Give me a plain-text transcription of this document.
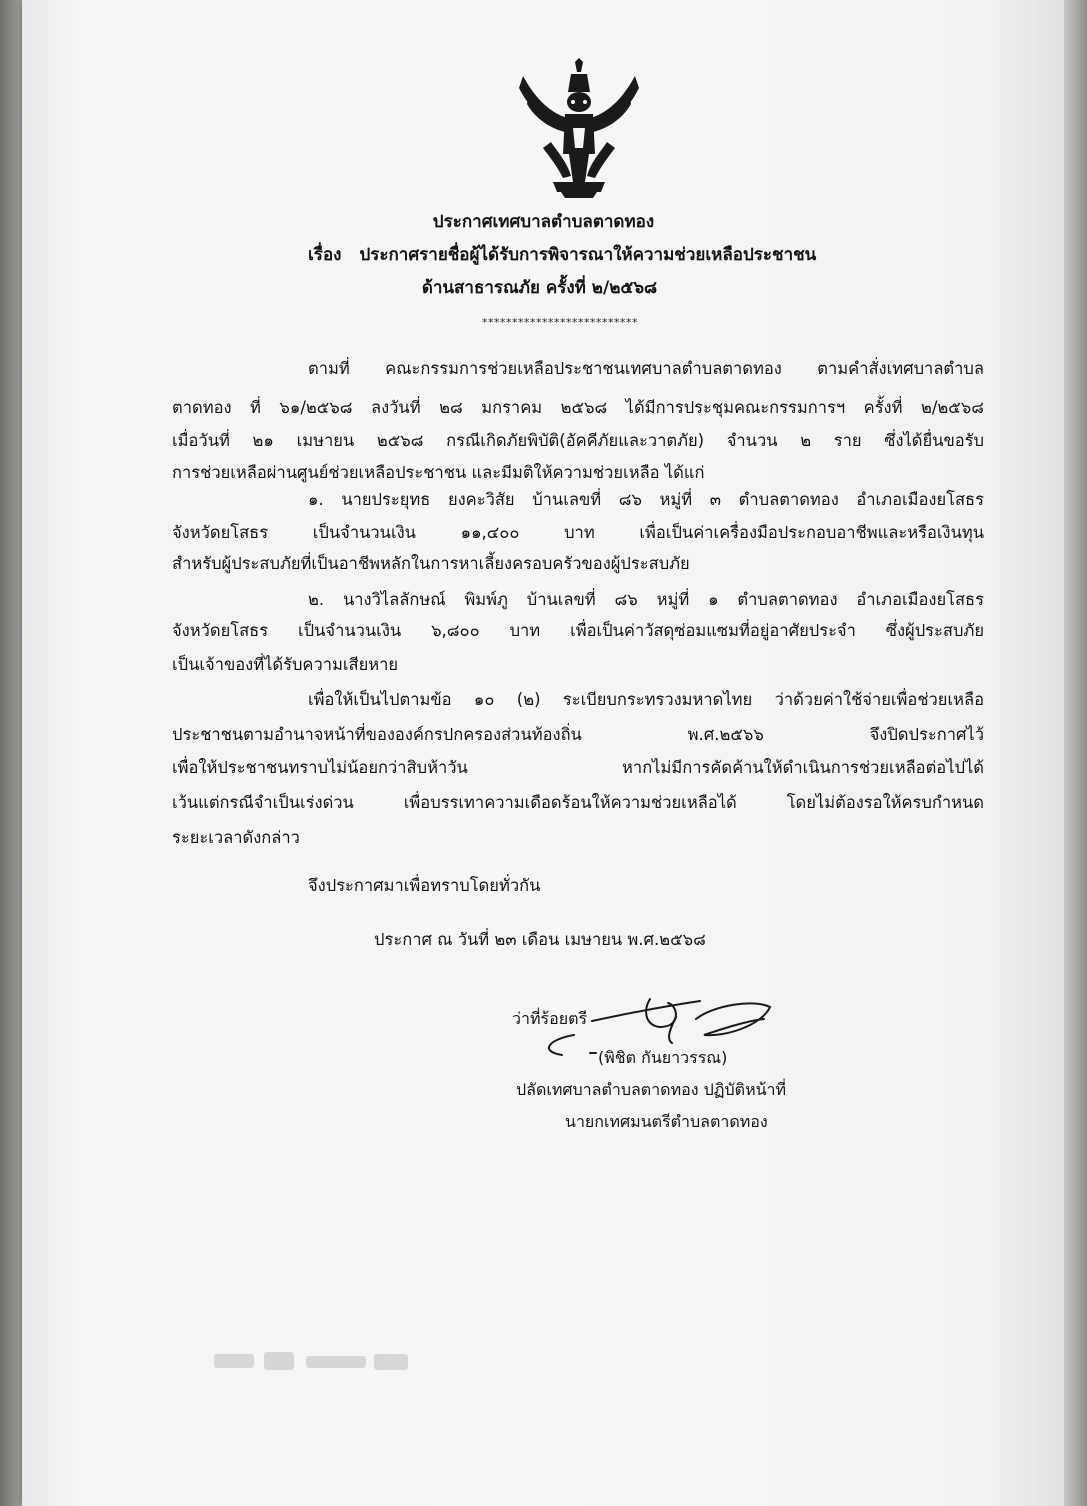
ประกาศเทศบาลตำบลตาดทอง
เรื่อง ประกาศรายชื่อผู้ได้รับการพิจารณาให้ความช่วยเหลือประชาชน
ด้านสาธารณภัย ครั้งที่ ๒/๒๕๖๘
**************************
ตามที่ คณะกรรมการช่วยเหลือประชาชนเทศบาลตำบลตาดทอง ตามคำสั่งเทศบาลตำบล
ตาดทอง ที่ ๖๑/๒๕๖๘ ลงวันที่ ๒๘ มกราคม ๒๕๖๘ ได้มีการประชุมคณะกรรมการฯ ครั้งที่ ๒/๒๕๖๘
เมื่อวันที่ ๒๑ เมษายน ๒๕๖๘ กรณีเกิดภัยพิบัติ(อัคคีภัยและวาตภัย) จำนวน ๒ ราย ซึ่งได้ยื่นขอรับ
การช่วยเหลือผ่านศูนย์ช่วยเหลือประชาชน และมีมติให้ความช่วยเหลือ ได้แก่
๑. นายประยุทธ ยงคะวิสัย บ้านเลขที่ ๘๖ หมู่ที่ ๓ ตำบลตาดทอง อำเภอเมืองยโสธร
จังหวัดยโสธร เป็นจำนวนเงิน ๑๑,๔๐๐ บาท เพื่อเป็นค่าเครื่องมือประกอบอาชีพและหรือเงินทุน
สำหรับผู้ประสบภัยที่เป็นอาชีพหลักในการหาเลี้ยงครอบครัวของผู้ประสบภัย
๒. นางวิไลลักษณ์ พิมพ์ภู บ้านเลขที่ ๘๖ หมู่ที่ ๑ ตำบลตาดทอง อำเภอเมืองยโสธร
จังหวัดยโสธร เป็นจำนวนเงิน ๖,๘๐๐ บาท เพื่อเป็นค่าวัสดุซ่อมแซมที่อยู่อาศัยประจำ ซึ่งผู้ประสบภัย
เป็นเจ้าของที่ได้รับความเสียหาย
เพื่อให้เป็นไปตามข้อ ๑๐ (๒) ระเบียบกระทรวงมหาดไทย ว่าด้วยค่าใช้จ่ายเพื่อช่วยเหลือ
ประชาชนตามอำนาจหน้าที่ขององค์กรปกครองส่วนท้องถิ่น พ.ศ.๒๕๖๖ จึงปิดประกาศไว้
เพื่อให้ประชาชนทราบไม่น้อยกว่าสิบห้าวัน หากไม่มีการคัดค้านให้ดำเนินการช่วยเหลือต่อไปได้
เว้นแต่กรณีจำเป็นเร่งด่วน เพื่อบรรเทาความเดือดร้อนให้ความช่วยเหลือได้ โดยไม่ต้องรอให้ครบกำหนด
ระยะเวลาดังกล่าว
จึงประกาศมาเพื่อทราบโดยทั่วกัน
ประกาศ ณ วันที่ ๒๓ เดือน เมษายน พ.ศ.๒๕๖๘
ว่าที่ร้อยตรี
(พิชิต กันยาวรรณ)
ปลัดเทศบาลตำบลตาดทอง ปฏิบัติหน้าที่
นายกเทศมนตรีตำบลตาดทอง
